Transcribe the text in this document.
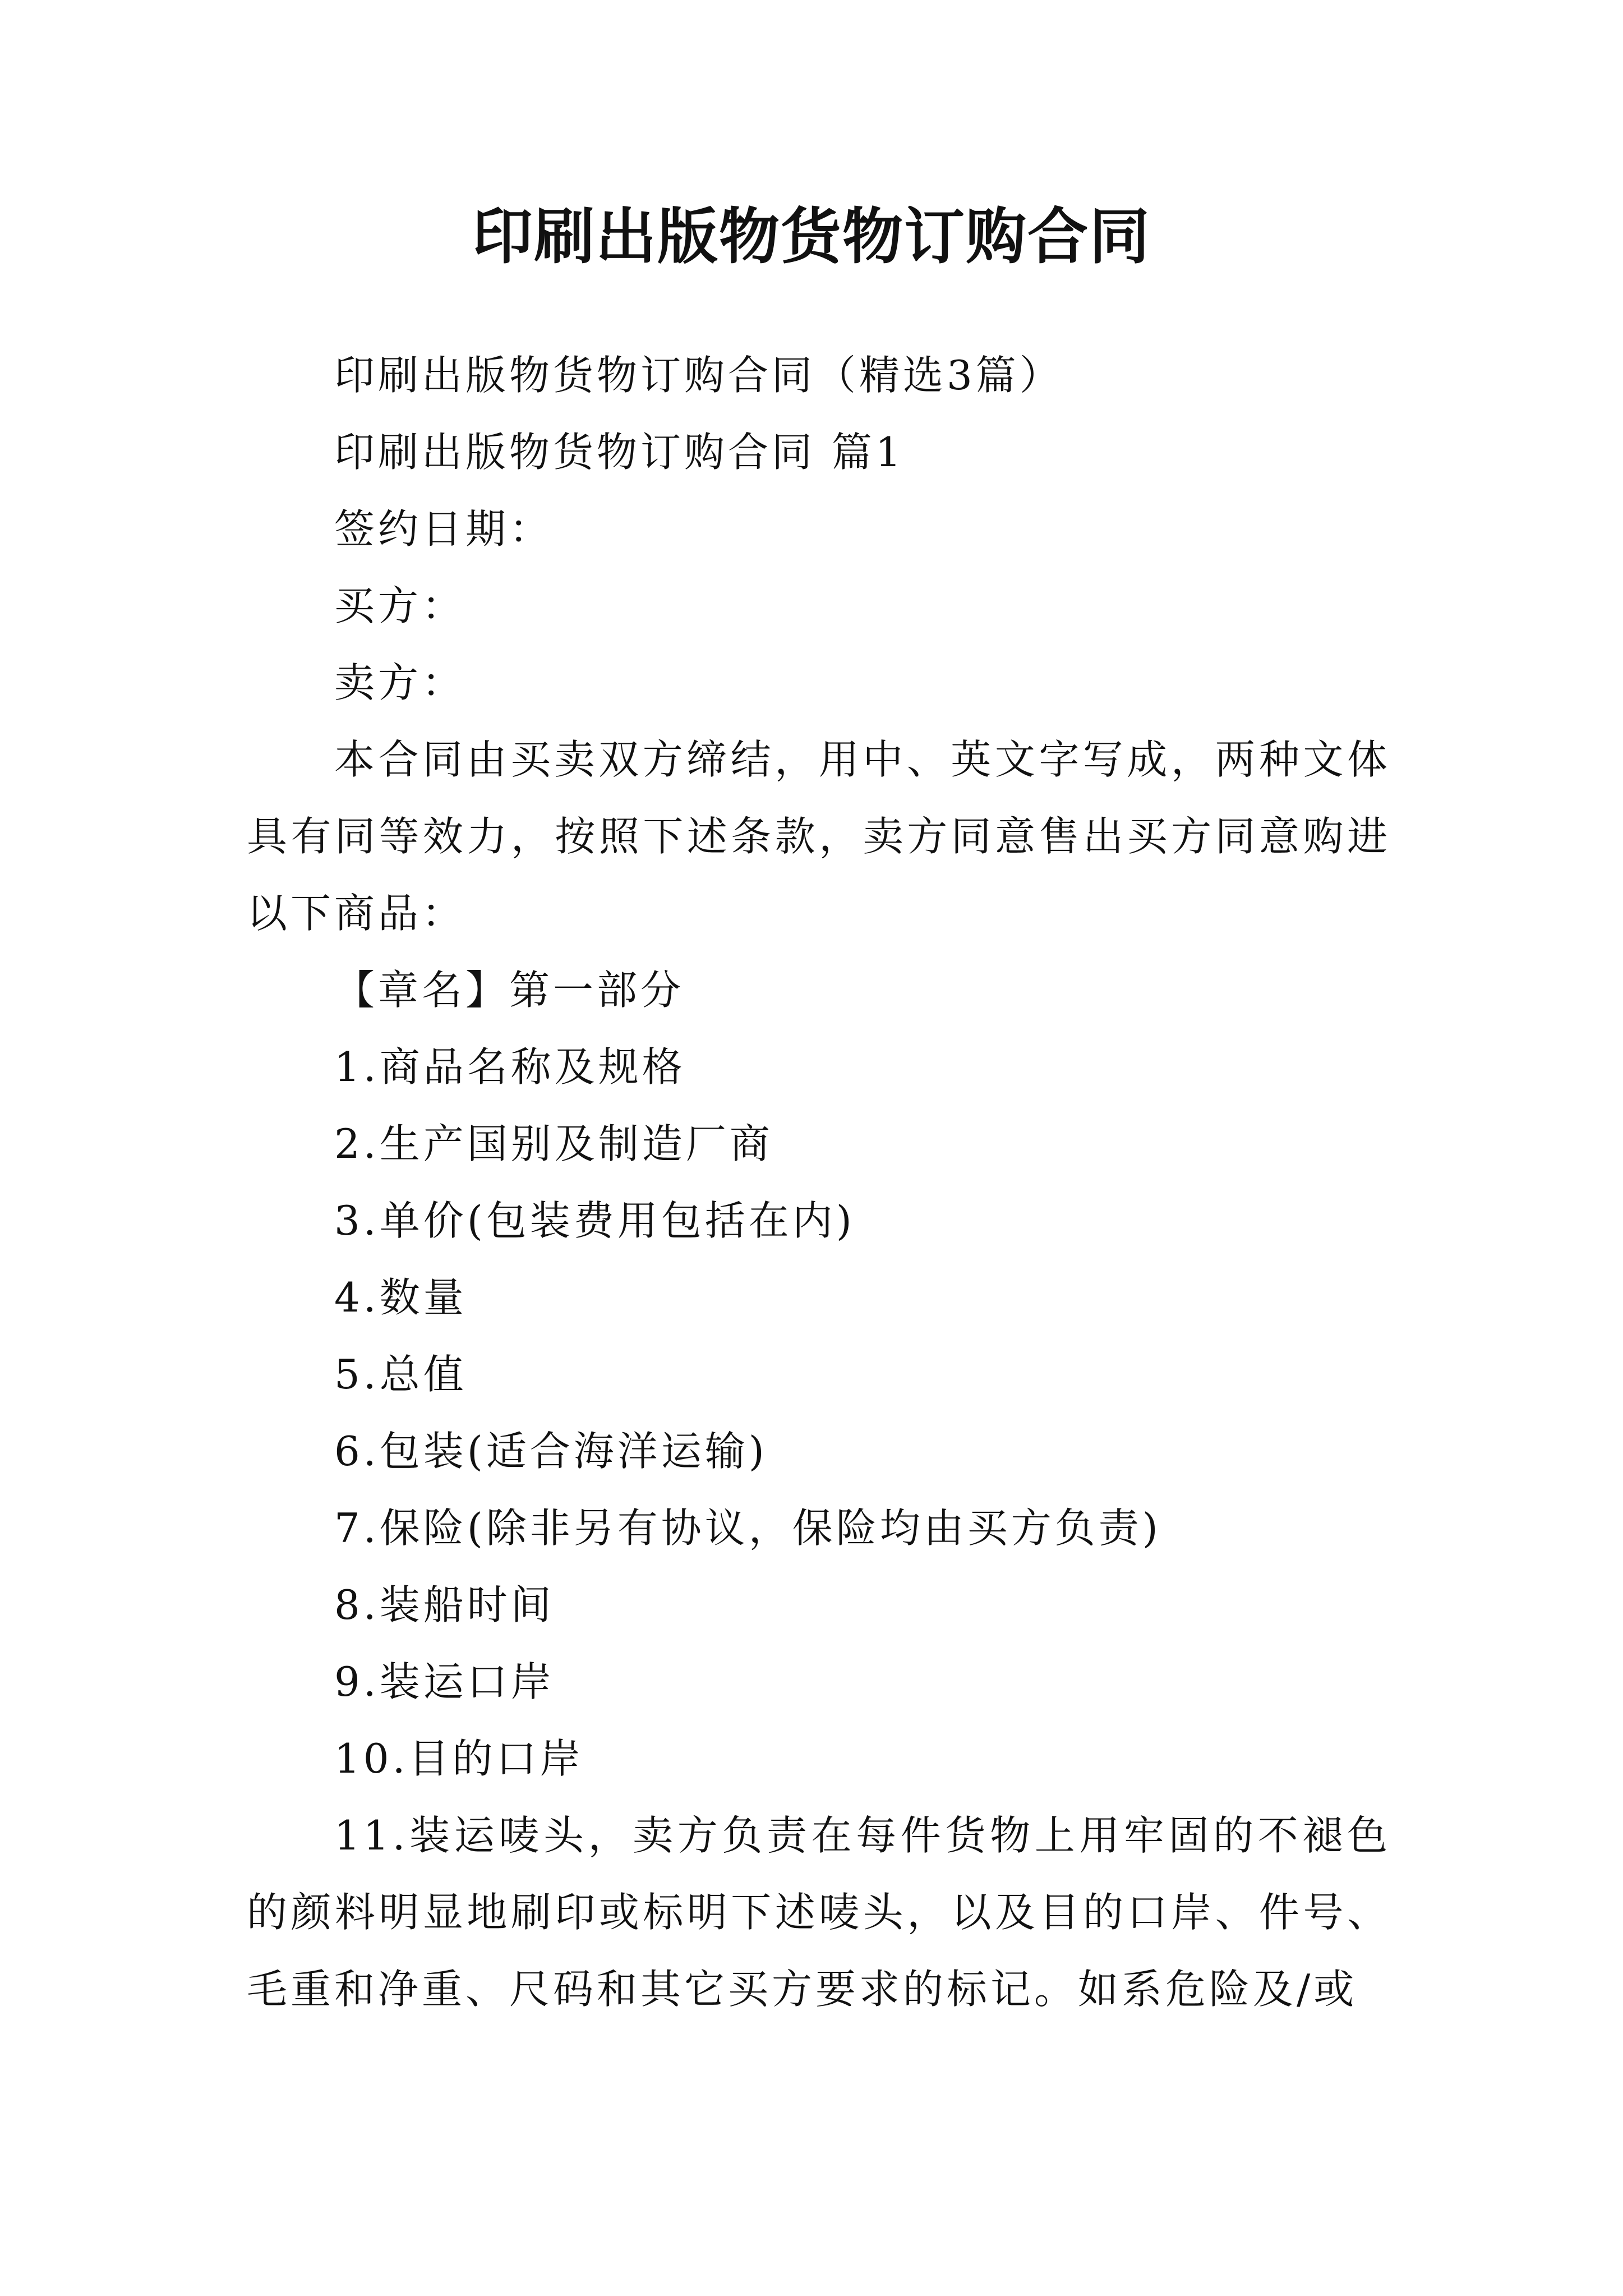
印刷出版物货物订购合同

印刷出版物货物订购合同（精选3篇）

印刷出版物货物订购合同 篇1

签约日期：

买方：

卖方：

本合同由买卖双方缔结，用中、英文字写成，两种文体具有同等效力，按照下述条款，卖方同意售出买方同意购进以下商品：

【章名】第一部分

1.商品名称及规格

2.生产国别及制造厂商

3.单价(包装费用包括在内)

4.数量

5.总值

6.包装(适合海洋运输)

7.保险(除非另有协议，保险均由买方负责)

8.装船时间

9.装运口岸

10.目的口岸

11.装运唛头，卖方负责在每件货物上用牢固的不褪色的颜料明显地刷印或标明下述唛头，以及目的口岸、件号、毛重和净重、尺码和其它买方要求的标记。如系危险及/或
